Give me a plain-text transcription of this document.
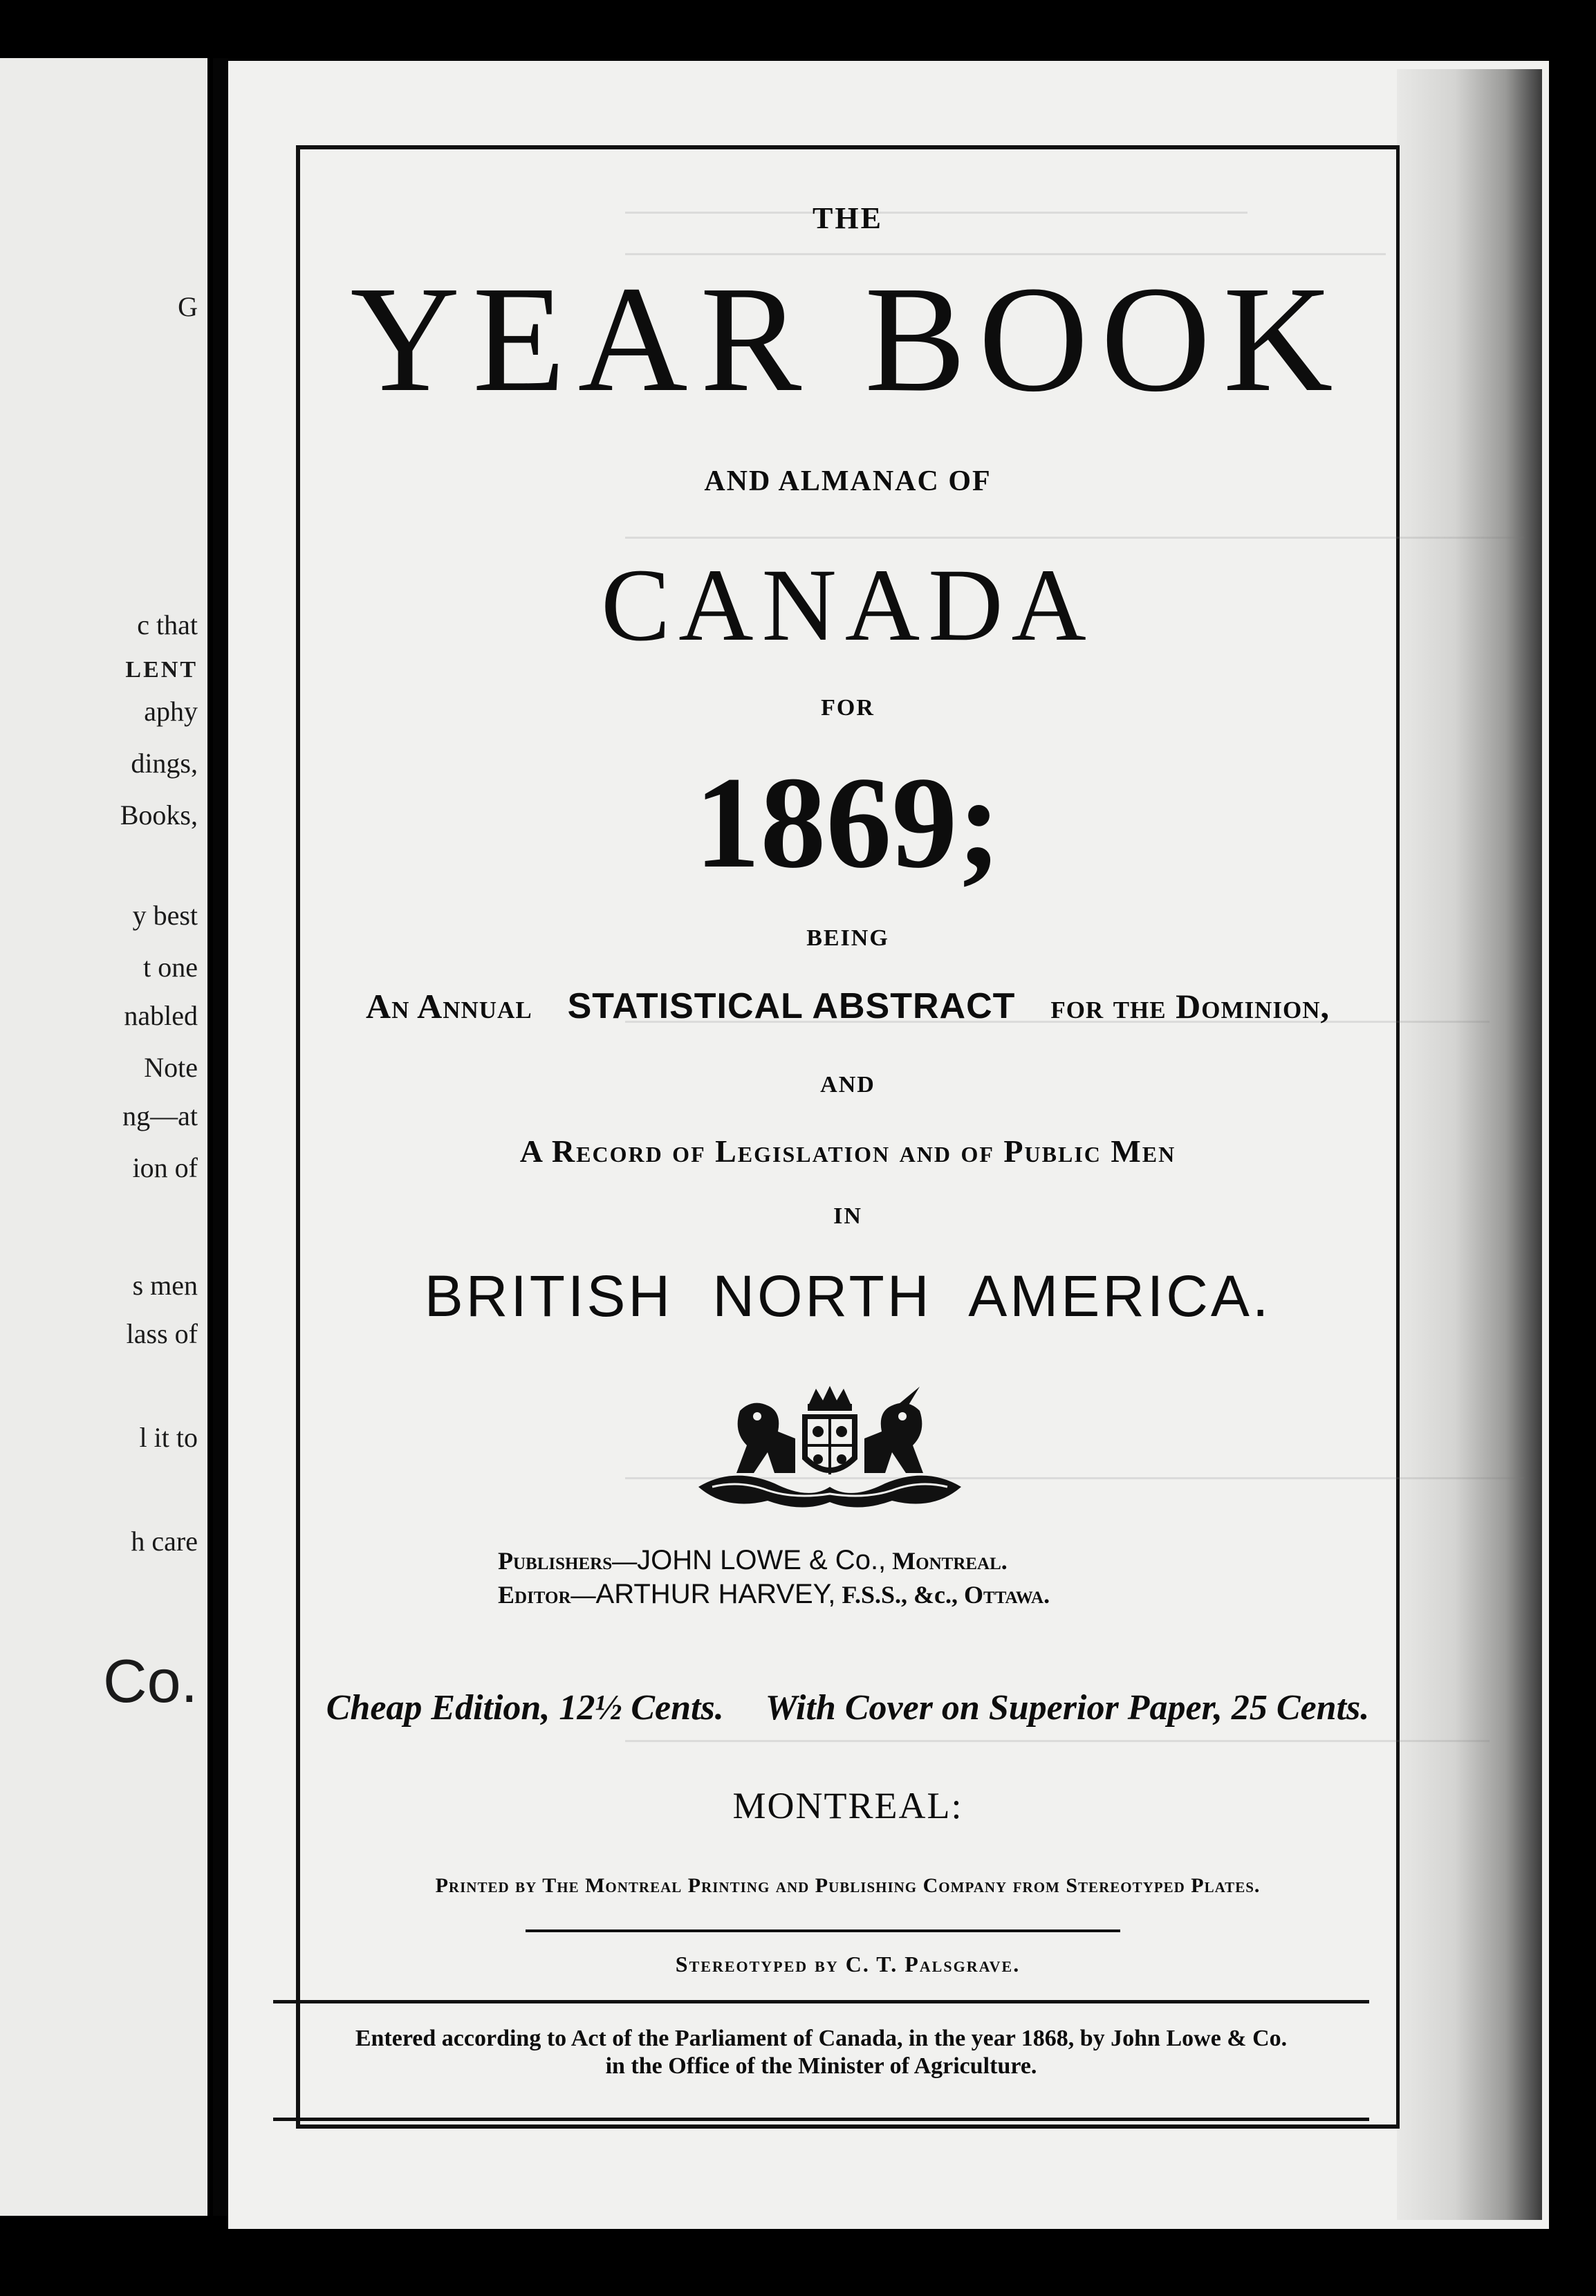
G
c that
LENT
aphy
dings,
Books,
y best
t one
nabled
Note
ng—at
ion of
s men
lass of
l it to
h care
Co.
THE
YEAR BOOK
AND ALMANAC OF
CANADA
FOR
1869;
BEING
An Annual STATISTICAL ABSTRACT for the Dominion,
AND
A Record of Legislation and of Public Men
IN
BRITISH NORTH AMERICA.
Cheap Edition, 12½ Cents. With Cover on Superior Paper, 25 Cents.
MONTREAL:
Printed by The Montreal Printing and Publishing Company from Stereotyped Plates.
Stereotyped by C. T. Palsgrave.
Publishers—JOHN LOWE & Co., Montreal.
Editor—ARTHUR HARVEY, F.S.S., &c., Ottawa.
Entered according to Act of the Parliament of Canada, in the year 1868, by John Lowe & Co.
in the Office of the Minister of Agriculture.
